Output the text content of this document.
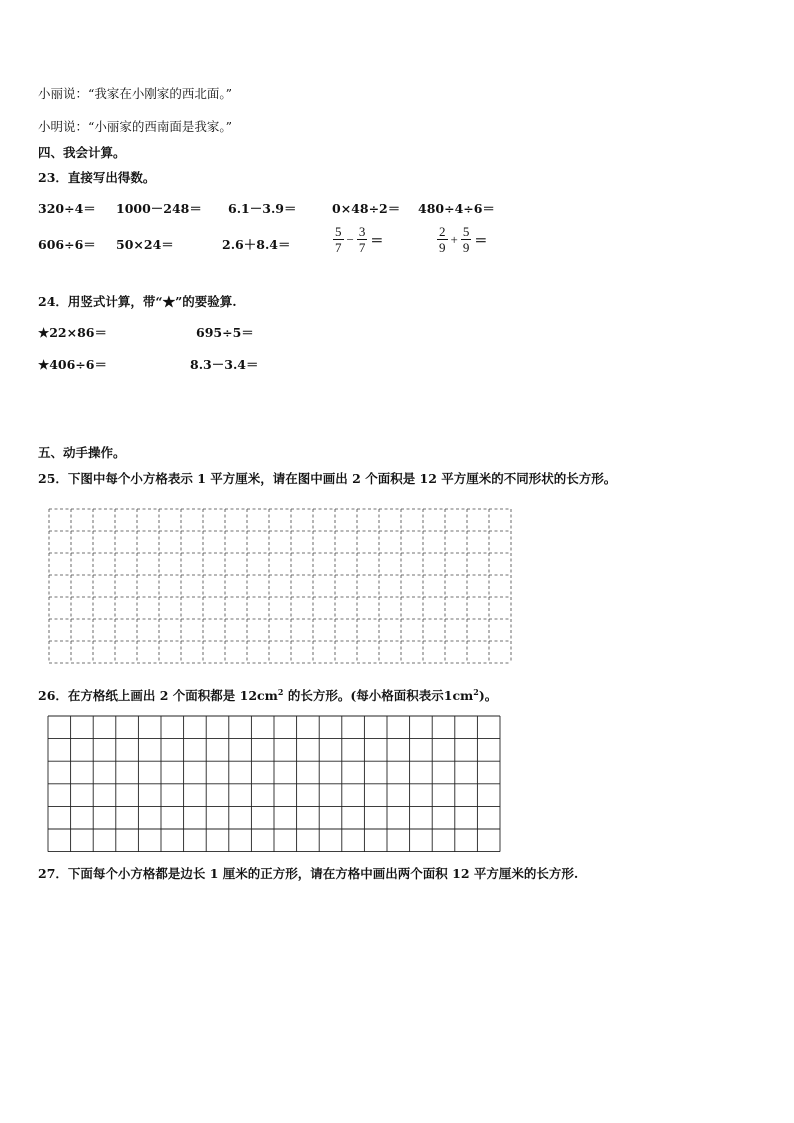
小丽说：“我家在小刚家的西北面。”
小明说：“小丽家的西南面是我家。”
四、我会计算。
23．直接写出得数。
320÷4＝ 1000－248＝ 6.1－3.9＝	0×48÷2＝ 480÷4÷6＝
606÷6＝ 50×24＝	2.6＋8.4＝	$\frac{5}{7} - \frac{3}{7}$ ＝	$\frac{2}{9} + \frac{5}{9}$ ＝
24．用竖式计算，带“★”的要验算.
★22×86＝	695÷5＝
★406÷6＝	8.3－3.4＝
五、动手操作。
25．下图中每个小方格表示 1 平方厘米，请在图中画出 2 个面积是 12 平方厘米的不同形状的长方形。
26．在方格纸上画出 2 个面积都是 $12cm^2$ 的长方形。(每小格面积表示$1cm^2$)。
27．下面每个小方格都是边长 1 厘米的正方形，请在方格中画出两个面积 12 平方厘米的长方形.
